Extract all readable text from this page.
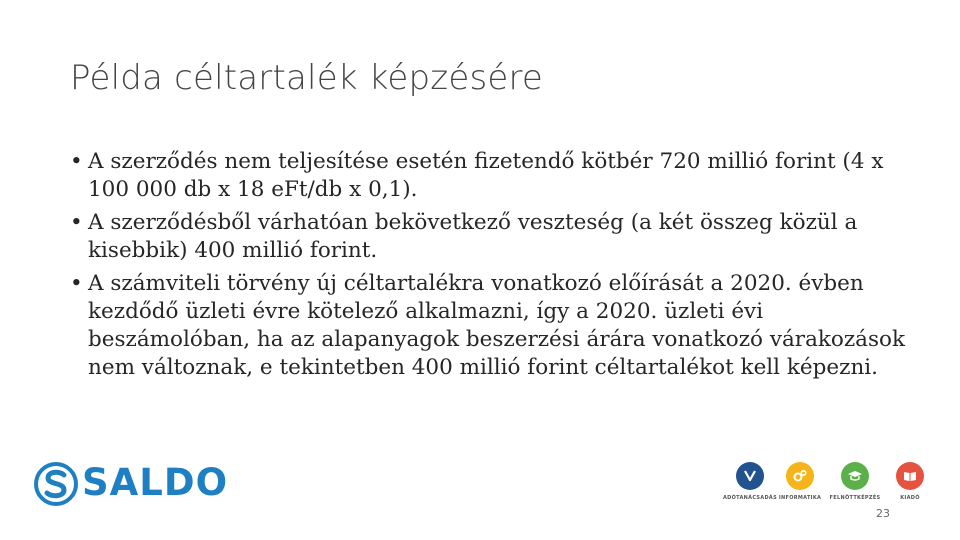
Példa céltartalék képzésére
• A szerződés nem teljesítése esetén fizetendő kötbér 720 millió forint (4 x 100 000 db x 18 eFt/db x 0,1).
• A szerződésből várhatóan bekövetkező veszteség (a két összeg közül a kisebbik) 400 millió forint.
• A számviteli törvény új céltartalékra vonatkozó előírását a 2020. évben kezdődő üzleti évre kötelező alkalmazni, így a 2020. üzleti évi beszámolóban, ha az alapanyagok beszerzési árára vonatkozó várakozások nem változnak, e tekintetben 400 millió forint céltartalékot kell képezni.
SALDO	ADÓTANÁCSADÁS INFORMATIKA	FELNŐTTKÉPZÉS	KIADÓ
23
